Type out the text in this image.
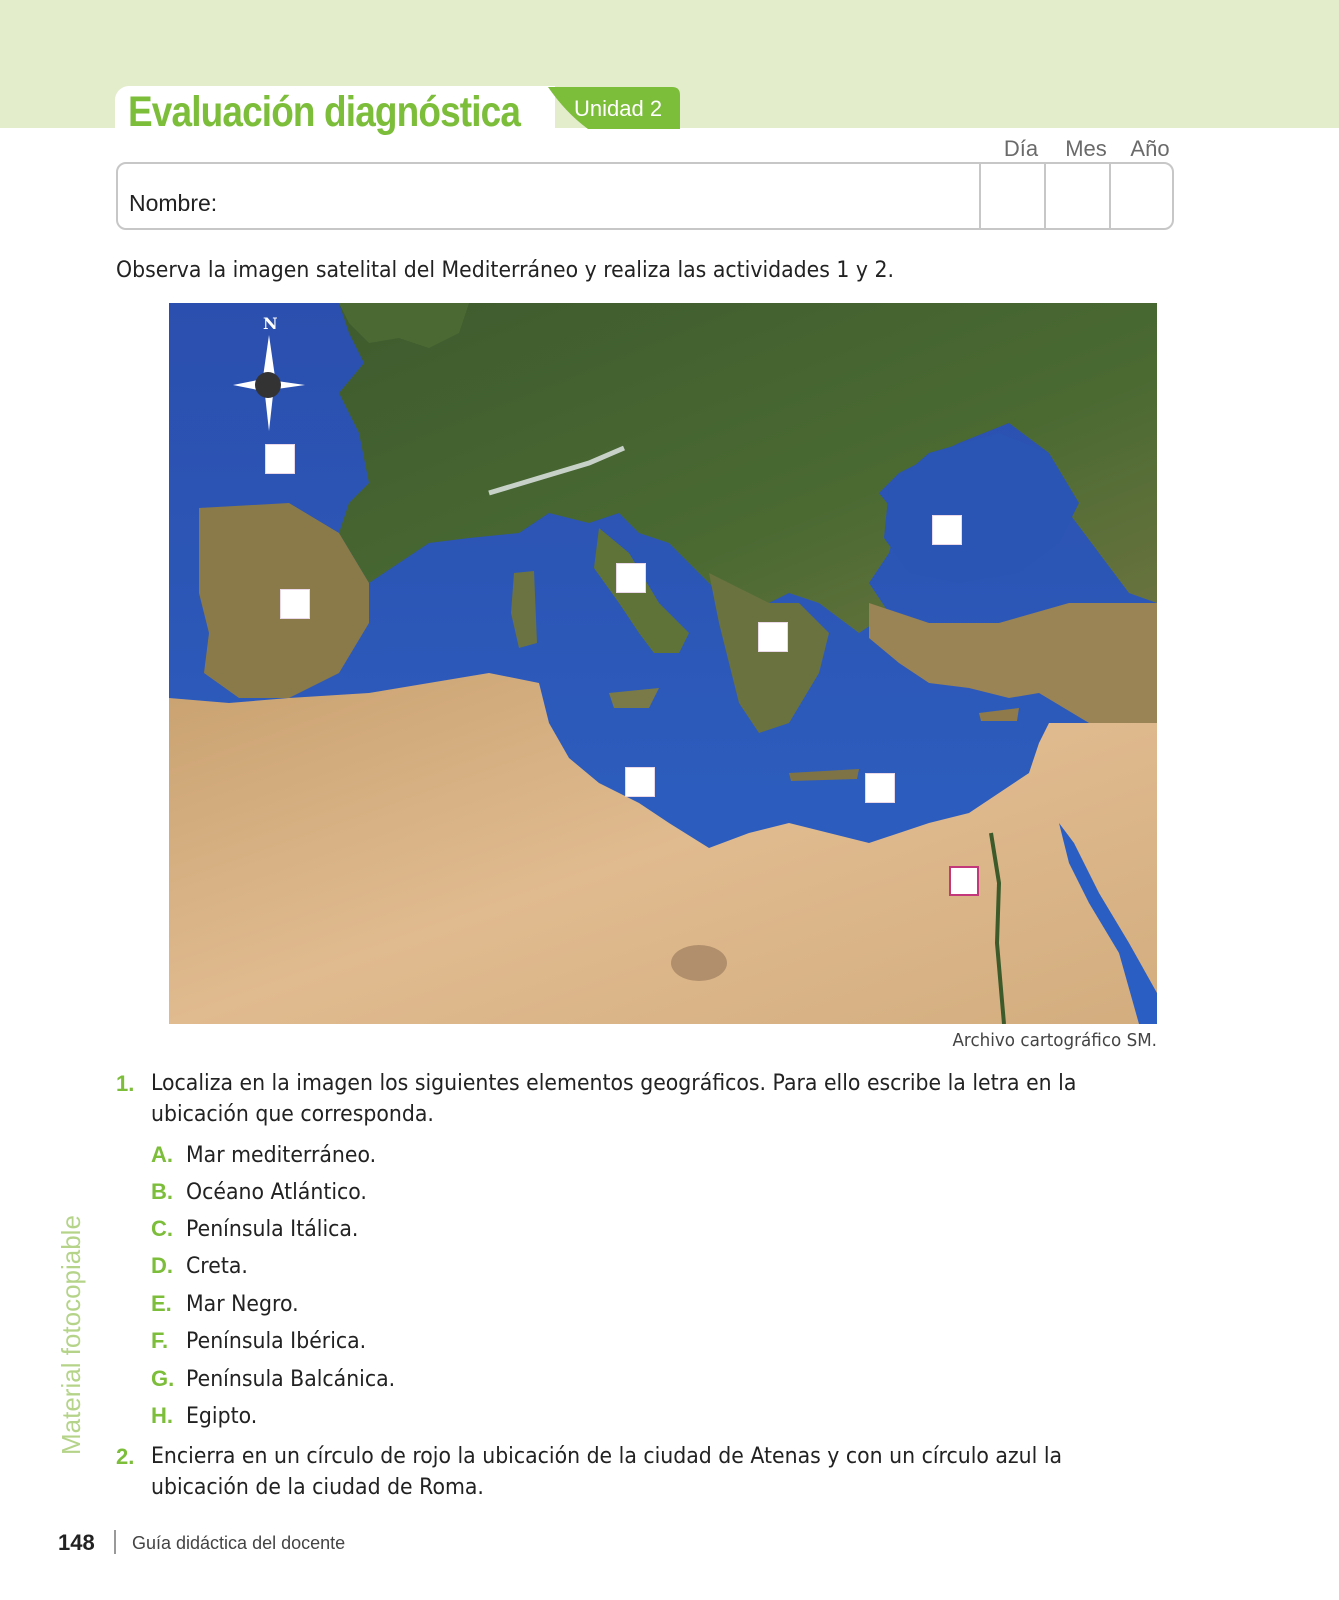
Evaluación diagnóstica Unidad 2
Día	Mes	Año
Nombre:
Observa la imagen satelital del Mediterráneo y realiza las actividades 1 y 2.
N
Archivo cartográfico SM.
1. Localiza en la imagen los siguientes elementos geográficos. Para ello escribe la letra en la ubicación que corresponda.
A. Mar mediterráneo.
B. Océano Atlántico.
C. Península Itálica.
D. Creta.
E. Mar Negro.
F. Península Ibérica.
G. Península Balcánica.
H. Egipto.
2. Encierra en un círculo de rojo la ubicación de la ciudad de Atenas y con un círculo azul la ubicación de la ciudad de Roma.
Material fotocopiable
148 Guía didáctica del docente
